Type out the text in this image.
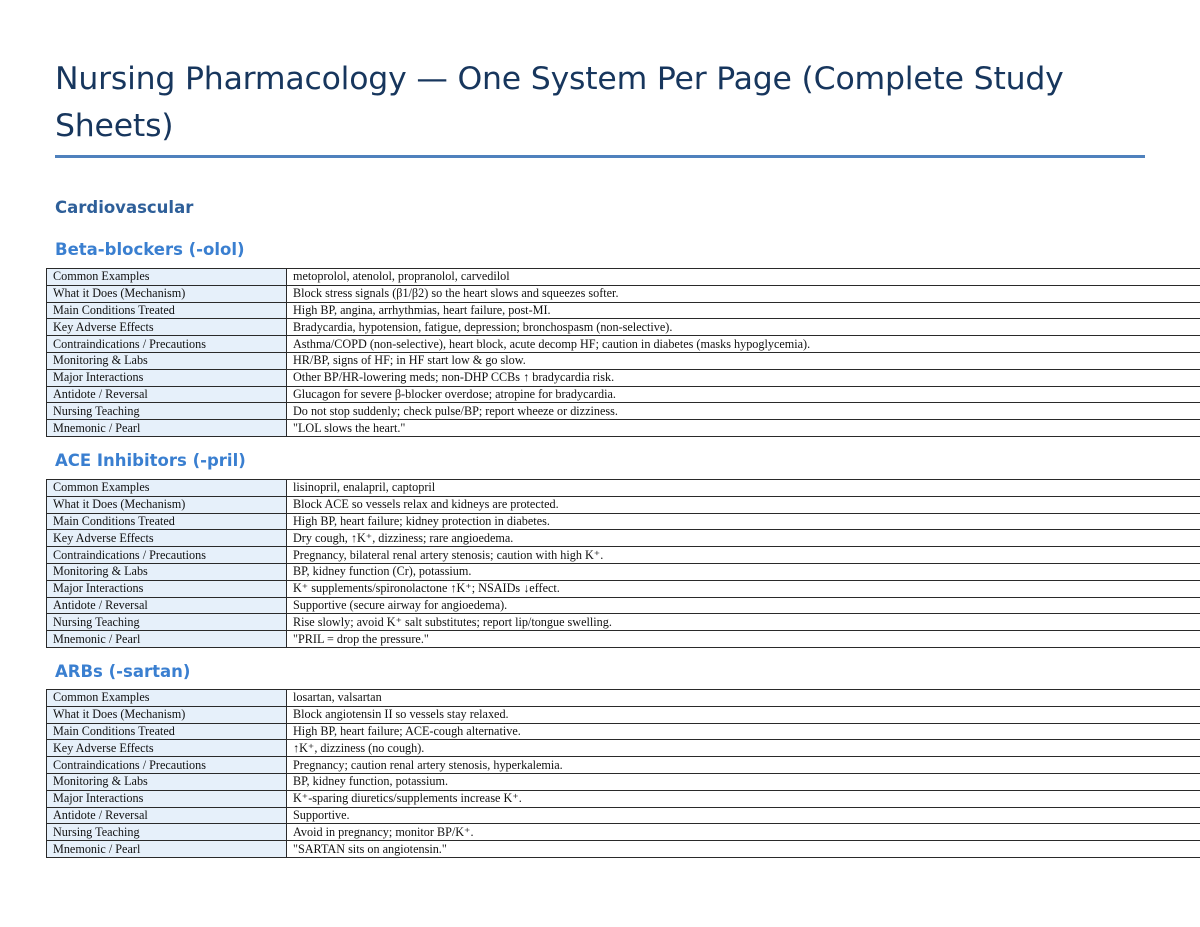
Nursing Pharmacology — One System Per Page (Complete Study Sheets)
Cardiovascular
Beta-blockers (-olol)
Common Examples	metoprolol, atenolol, propranolol, carvedilol
What it Does (Mechanism)	Block stress signals (β1/β2) so the heart slows and squeezes softer.
Main Conditions Treated	High BP, angina, arrhythmias, heart failure, post-MI.
Key Adverse Effects	Bradycardia, hypotension, fatigue, depression; bronchospasm (non-selective).
Contraindications / Precautions	Asthma/COPD (non-selective), heart block, acute decomp HF; caution in diabetes (masks hypoglycemia).
Monitoring & Labs	HR/BP, signs of HF; in HF start low & go slow.
Major Interactions	Other BP/HR-lowering meds; non-DHP CCBs ↑ bradycardia risk.
Antidote / Reversal	Glucagon for severe β-blocker overdose; atropine for bradycardia.
Nursing Teaching	Do not stop suddenly; check pulse/BP; report wheeze or dizziness.
Mnemonic / Pearl	"LOL slows the heart."
ACE Inhibitors (-pril)
Common Examples	lisinopril, enalapril, captopril
What it Does (Mechanism)	Block ACE so vessels relax and kidneys are protected.
Main Conditions Treated	High BP, heart failure; kidney protection in diabetes.
Key Adverse Effects	Dry cough, ↑K⁺, dizziness; rare angioedema.
Contraindications / Precautions	Pregnancy, bilateral renal artery stenosis; caution with high K⁺.
Monitoring & Labs	BP, kidney function (Cr), potassium.
Major Interactions	K⁺ supplements/spironolactone ↑K⁺; NSAIDs ↓effect.
Antidote / Reversal	Supportive (secure airway for angioedema).
Nursing Teaching	Rise slowly; avoid K⁺ salt substitutes; report lip/tongue swelling.
Mnemonic / Pearl	"PRIL = drop the pressure."
ARBs (-sartan)
Common Examples	losartan, valsartan
What it Does (Mechanism)	Block angiotensin II so vessels stay relaxed.
Main Conditions Treated	High BP, heart failure; ACE-cough alternative.
Key Adverse Effects	↑K⁺, dizziness (no cough).
Contraindications / Precautions	Pregnancy; caution renal artery stenosis, hyperkalemia.
Monitoring & Labs	BP, kidney function, potassium.
Major Interactions	K⁺-sparing diuretics/supplements increase K⁺.
Antidote / Reversal	Supportive.
Nursing Teaching	Avoid in pregnancy; monitor BP/K⁺.
Mnemonic / Pearl	"SARTAN sits on angiotensin."
